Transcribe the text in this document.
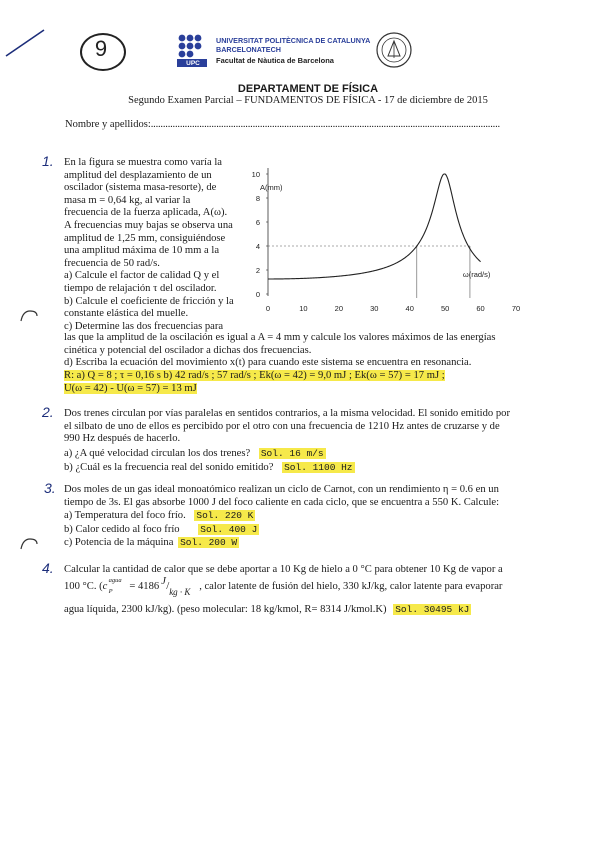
9
UPC
UNIVERSITAT POLITÈCNICA DE CATALUNYA
BARCELONATECH
Facultat de Nàutica de Barcelona
DEPARTAMENT DE FÍSICA
Segundo Examen Parcial – FUNDAMENTOS DE FÍSICA - 17 de diciembre de 2015
Nombre y apellidos:................................................................................................................................................
1. En la figura se muestra como varía la
amplitud del desplazamiento de un
oscilador (sistema masa-resorte), de
masa m = 0,64 kg, al variar la
frecuencia de la fuerza aplicada, A(ω).
A frecuencias muy bajas se observa una
amplitud de 1,25 mm, consiguiéndose
una amplitud máxima de 10 mm a la
frecuencia de 50 rad/s.
a) Calcule el factor de calidad Q y el
tiempo de relajación τ del oscilador.
b) Calcule el coeficiente de fricción y la
constante elástica del muelle.
c) Determine las dos frecuencias para
las que la amplitud de la oscilación es igual a A = 4 mm y calcule los valores máximos de las energías
cinética y potencial del oscilador a dichas dos frecuencias.
d) Escriba la ecuación del movimiento x(t) para cuando este sistema se encuentra en resonancia.
R: a) Q = 8 ; τ = 0,16 s b) 42 rad/s ; 57 rad/s ; Ek(ω = 42) = 9,0 mJ ; Ek(ω = 57) = 17 mJ ;
U(ω = 42) - U(ω = 57) = 13 mJ
0
2
4
6
8
10
0	10	20	30	40	50	60	70
A(mm)
ω(rad/s)
2. Dos trenes circulan por vías paralelas en sentidos contrarios, a la misma velocidad. El sonido emitido por
el silbato de uno de ellos es percibido por el otro con una frecuencia de 1210 Hz antes de cruzarse y de
990 Hz después de hacerlo.
a) ¿A qué velocidad circulan los dos trenes? Sol. 16 m/s
b) ¿Cuál es la frecuencia real del sonido emitido? Sol. 1100 Hz
3. Dos moles de un gas ideal monoatómico realizan un ciclo de Carnot, con un rendimiento η = 0.6 en un
tiempo de 3s. El gas absorbe 1000 J del foco caliente en cada ciclo, que se encuentra a 550 K. Calcule:
a) Temperatura del foco frío. Sol. 220 K
b) Calor cedido al foco frío Sol. 400 J
c) Potencia de la máquina Sol. 200 W
4. Calcular la cantidad de calor que se debe aportar a 10 Kg de hielo a 0 °C para obtener 10 Kg de vapor a
100 °C. (c
agua
P = 4186 J / kg · K , calor latente de fusión del hielo, 330 kJ/kg, calor latente para evaporar
agua líquida, 2300 kJ/kg). (peso molecular: 18 kg/kmol, R= 8314 J/kmol.K) Sol. 30495 kJ
